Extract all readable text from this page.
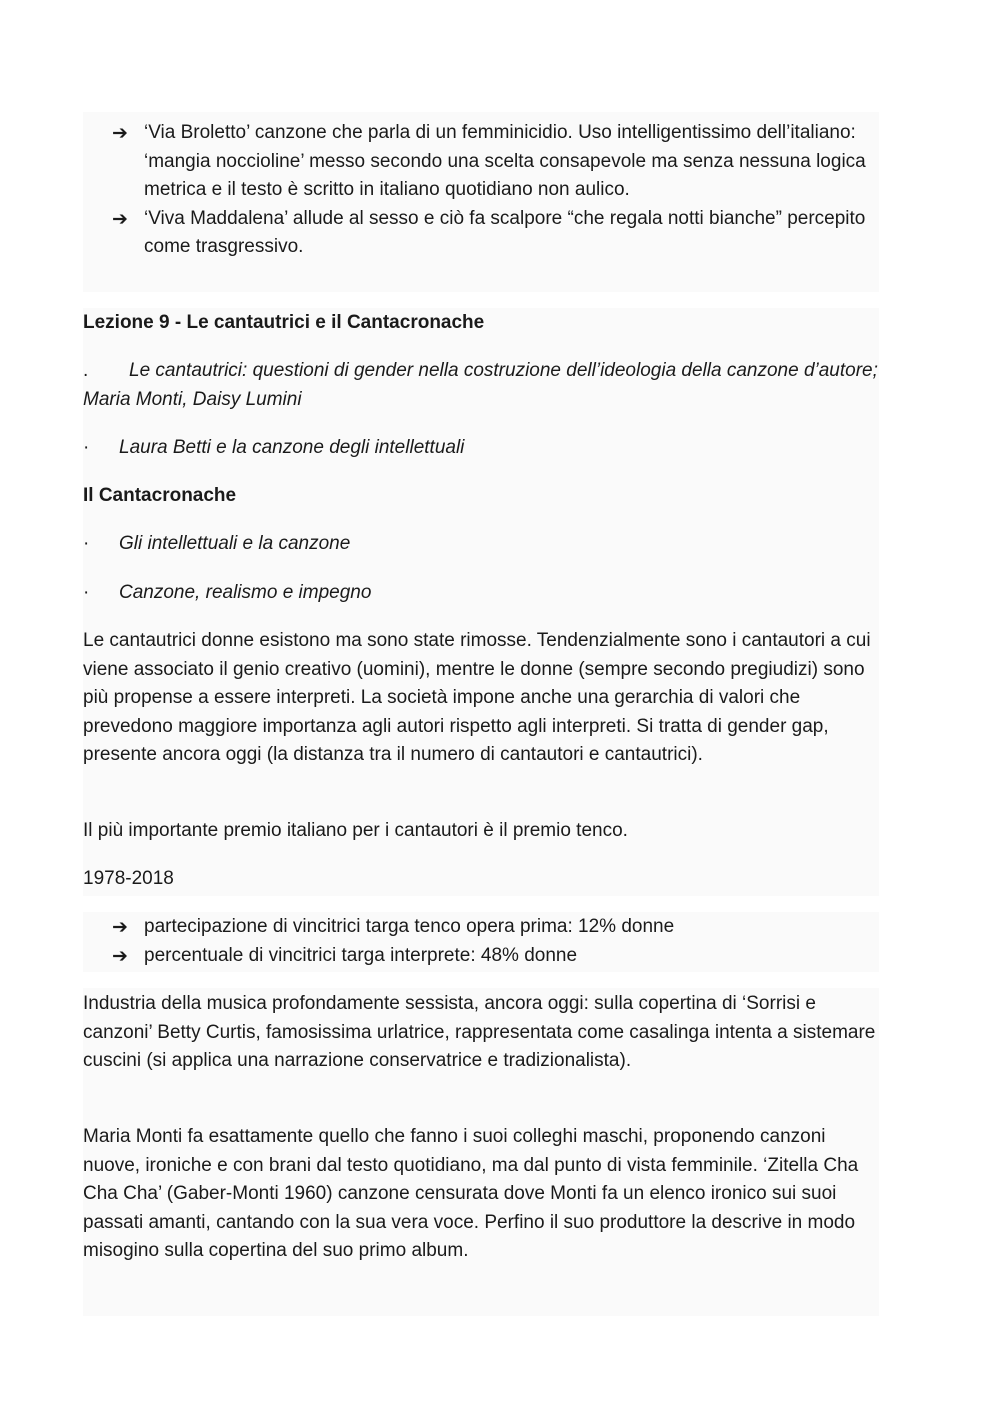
➔ ‘Via Broletto’ canzone che parla di un femminicidio. Uso intelligentissimo dell’italiano: ‘mangia noccioline’ messo secondo una scelta consapevole ma senza nessuna logica metrica e il testo è scritto in italiano quotidiano non aulico.
➔ ‘Viva Maddalena’ allude al sesso e ciò fa scalpore “che regala notti bianche” percepito come trasgressivo.
Lezione 9 - Le cantautrici e il Cantacronache
. Le cantautrici: questioni di gender nella costruzione dell’ideologia della canzone d’autore; Maria Monti, Daisy Lumini
· Laura Betti e la canzone degli intellettuali
Il Cantacronache
· Gli intellettuali e la canzone
· Canzone, realismo e impegno
Le cantautrici donne esistono ma sono state rimosse. Tendenzialmente sono i cantautori a cui viene associato il genio creativo (uomini), mentre le donne (sempre secondo pregiudizi) sono più propense a essere interpreti. La società impone anche una gerarchia di valori che prevedono maggiore importanza agli autori rispetto agli interpreti. Si tratta di gender gap, presente ancora oggi (la distanza tra il numero di cantautori e cantautrici).
Il più importante premio italiano per i cantautori è il premio tenco.
1978-2018
➔ partecipazione di vincitrici targa tenco opera prima: 12% donne
➔ percentuale di vincitrici targa interprete: 48% donne
Industria della musica profondamente sessista, ancora oggi: sulla copertina di ‘Sorrisi e canzoni’ Betty Curtis, famosissima urlatrice, rappresentata come casalinga intenta a sistemare cuscini (si applica una narrazione conservatrice e tradizionalista).
Maria Monti fa esattamente quello che fanno i suoi colleghi maschi, proponendo canzoni nuove, ironiche e con brani dal testo quotidiano, ma dal punto di vista femminile. ‘Zitella Cha Cha Cha’ (Gaber-Monti 1960) canzone censurata dove Monti fa un elenco ironico sui suoi passati amanti, cantando con la sua vera voce. Perfino il suo produttore la descrive in modo misogino sulla copertina del suo primo album.
